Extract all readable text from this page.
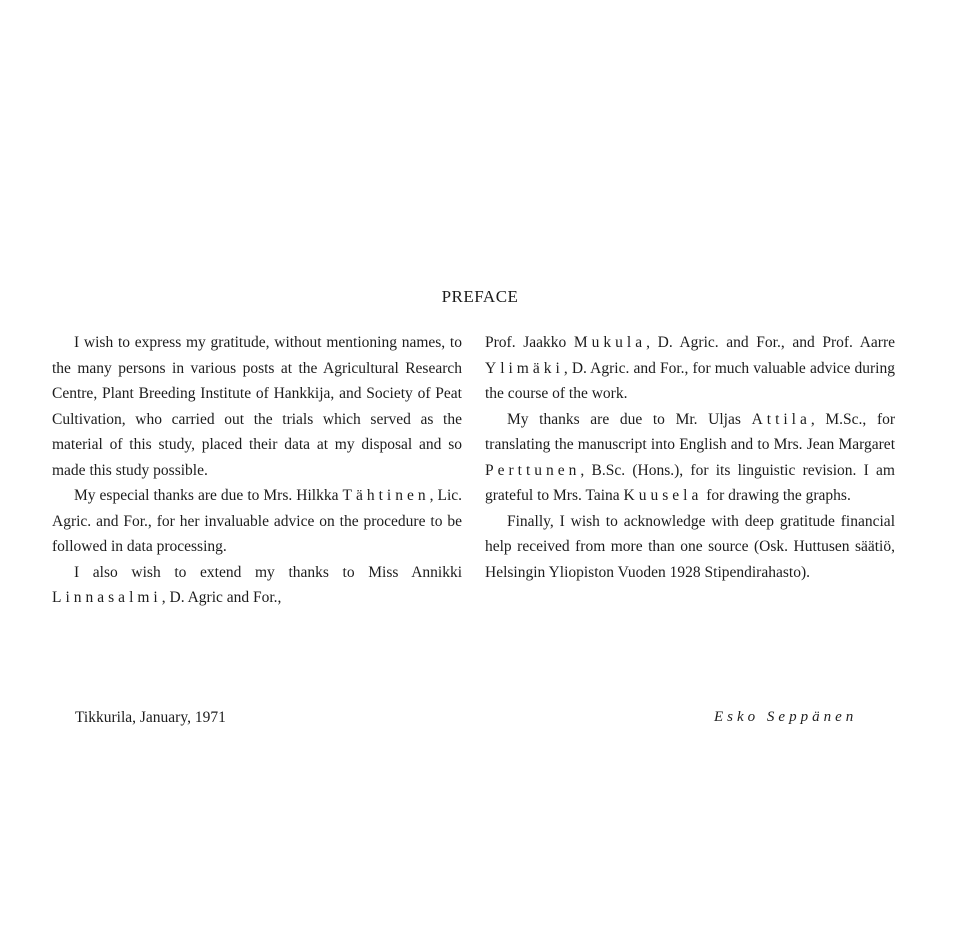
PREFACE

I wish to express my gratitude, without mentioning names, to the many persons in various posts at the Agricultural Research Centre, Plant Breeding Institute of Hankkija, and Society of Peat Cultivation, who carried out the trials which served as the material of this study, placed their data at my disposal and so made this study possible.

My especial thanks are due to Mrs. Hilkka Tähtinen, Lic. Agric. and For., for her invaluable advice on the procedure to be followed in data processing.

I also wish to extend my thanks to Miss Annikki Linnasalmi, D. Agric and For.,

Prof. Jaakko Mukula, D. Agric. and For., and Prof. Aarre Ylimäki, D. Agric. and For., for much valuable advice during the course of the work.

My thanks are due to Mr. Uljas Attila, M.Sc., for translating the manuscript into English and to Mrs. Jean Margaret Perttunen, B.Sc. (Hons.), for its linguistic revision. I am grateful to Mrs. Taina Kuusela for drawing the graphs.

Finally, I wish to acknowledge with deep gratitude financial help received from more than one source (Osk. Huttusen säätiö, Helsingin Yliopiston Vuoden 1928 Stipendirahasto).

Tikkurila, January, 1971	Esko Seppänen
